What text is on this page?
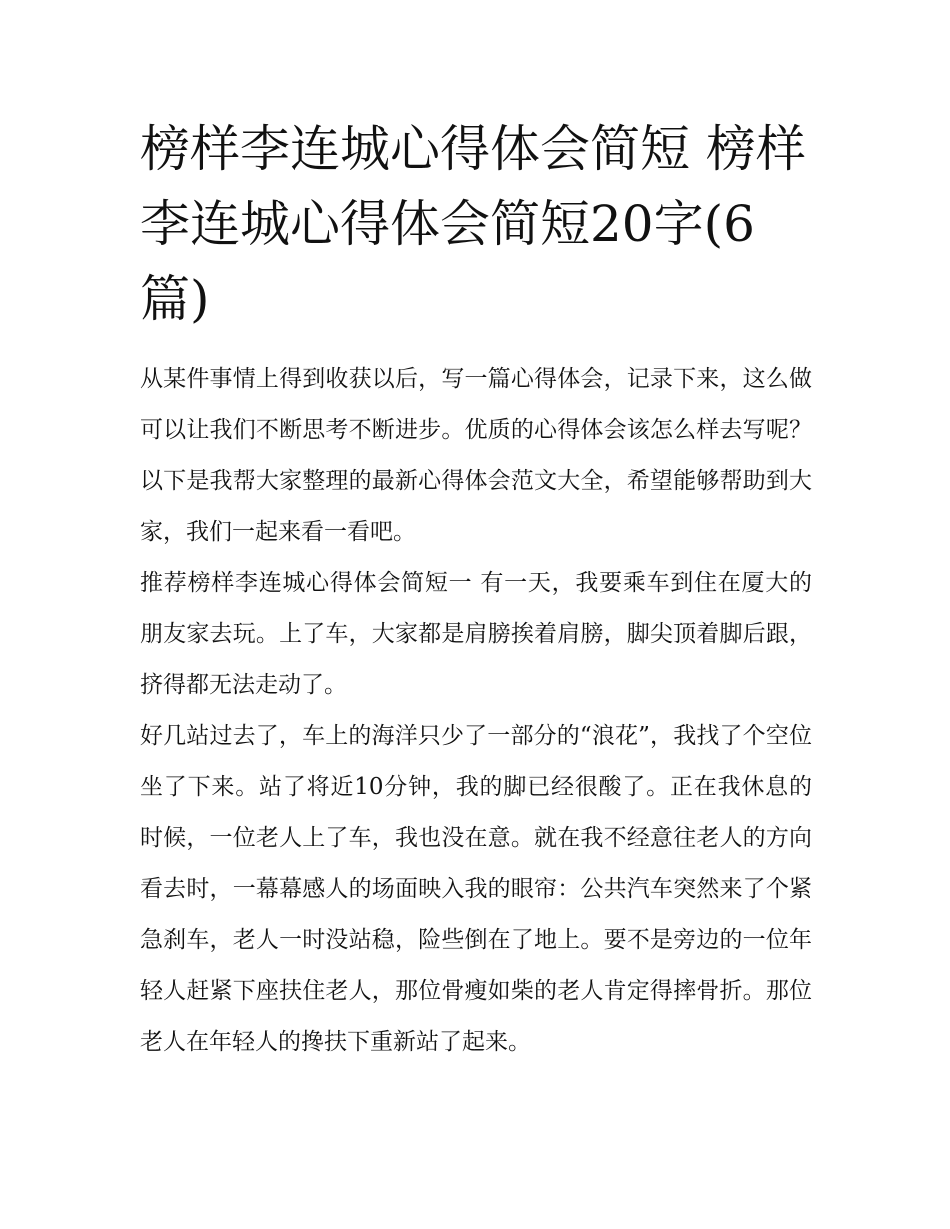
榜样李连城心得体会简短 榜样李连城心得体会简短20字(6篇)

从某件事情上得到收获以后，写一篇心得体会，记录下来，这么做可以让我们不断思考不断进步。优质的心得体会该怎么样去写呢？以下是我帮大家整理的最新心得体会范文大全，希望能够帮助到大家，我们一起来看一看吧。

推荐榜样李连城心得体会简短一 有一天，我要乘车到住在厦大的朋友家去玩。上了车，大家都是肩膀挨着肩膀，脚尖顶着脚后跟，挤得都无法走动了。

好几站过去了，车上的海洋只少了一部分的“浪花”，我找了个空位坐了下来。站了将近10分钟，我的脚已经很酸了。正在我休息的时候，一位老人上了车，我也没在意。就在我不经意往老人的方向看去时，一幕幕感人的场面映入我的眼帘：公共汽车突然来了个紧急刹车，老人一时没站稳，险些倒在了地上。要不是旁边的一位年轻人赶紧下座扶住老人，那位骨瘦如柴的老人肯定得摔骨折。那位老人在年轻人的搀扶下重新站了起来。
